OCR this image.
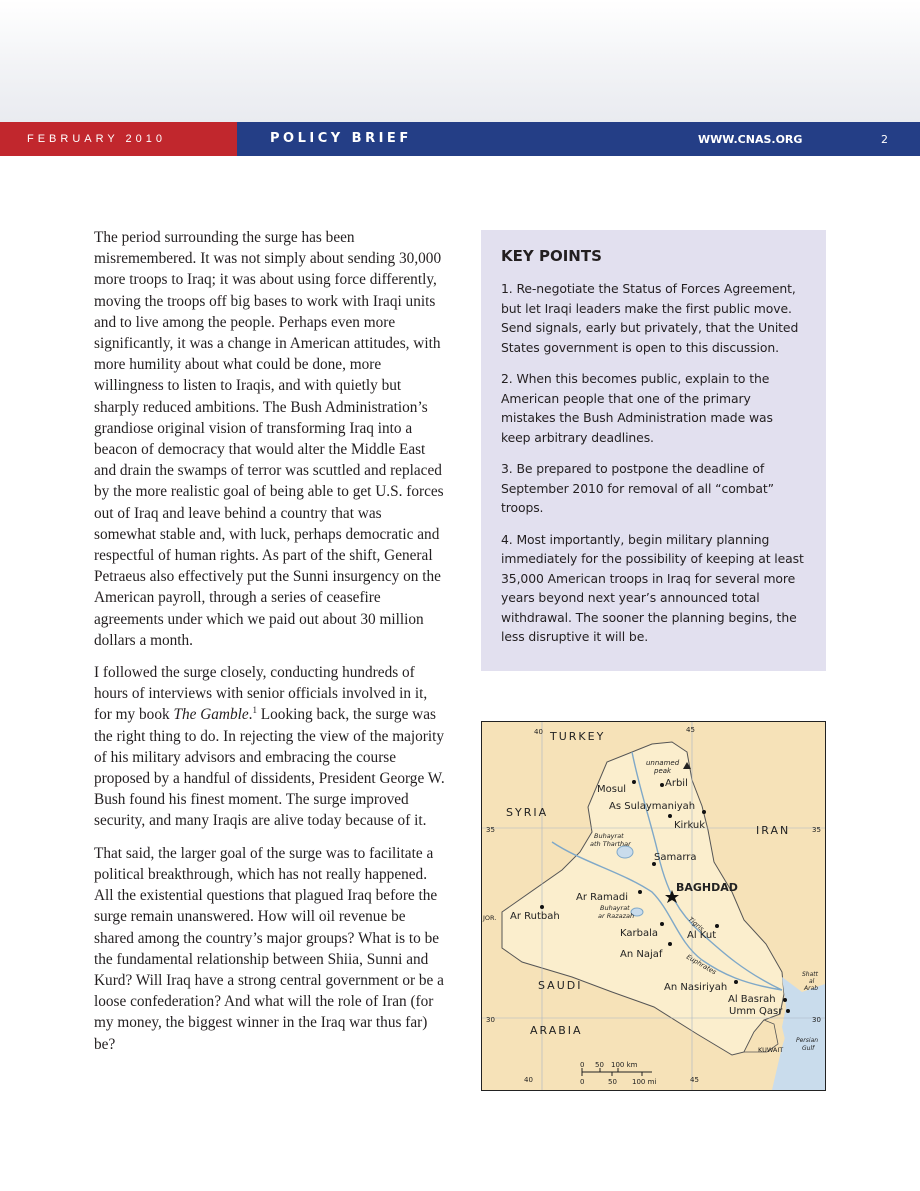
FEBRUARY 2010	POLICY BRIEF	WWW.CNAS.ORG	2

The period surrounding the surge has been misremembered. It was not simply about sending 30,000 more troops to Iraq; it was about using force differently, moving the troops off big bases to work with Iraqi units and to live among the people. Perhaps even more significantly, it was a change in American attitudes, with more humility about what could be done, more willingness to listen to Iraqis, and with quietly but sharply reduced ambitions. The Bush Administration’s grandiose original vision of transforming Iraq into a beacon of democracy that would alter the Middle East and drain the swamps of terror was scuttled and replaced by the more realistic goal of being able to get U.S. forces out of Iraq and leave behind a country that was somewhat stable and, with luck, perhaps democratic and respectful of human rights. As part of the shift, General Petraeus also effectively put the Sunni insurgency on the American payroll, through a series of ceasefire agreements under which we paid out about 30 million dollars a month.

I followed the surge closely, conducting hundreds of hours of interviews with senior officials involved in it, for my book The Gamble.$^1$ Looking back, the surge was the right thing to do. In rejecting the view of the majority of his military advisors and embracing the course proposed by a handful of dissidents, President George W. Bush found his finest moment. The surge improved security, and many Iraqis are alive today because of it.

That said, the larger goal of the surge was to facilitate a political breakthrough, which has not really happened. All the existential questions that plagued Iraq before the surge remain unanswered. How will oil revenue be shared among the country’s major groups? What is to be the fundamental relationship between Shiia, Sunni and Kurd? Will Iraq have a strong central government or be a loose confederation? And what will the role of Iran (for my money, the biggest winner in the Iraq war thus far) be?

KEY POINTS
1. Re-negotiate the Status of Forces Agreement, but let Iraqi leaders make the first public move. Send signals, early but privately, that the United States government is open to this discussion.
2. When this becomes public, explain to the American people that one of the primary mistakes the Bush Administration made was keep arbitrary deadlines.
3. Be prepared to postpone the deadline of September 2010 for removal of all “combat” troops.
4. Most importantly, begin military planning immediately for the possibility of keeping at least 35,000 American troops in Iraq for several more years beyond next year’s announced total withdrawal. The sooner the planning begins, the less disruptive it will be.
40	45
35	35
30	30
40	45
TURKEY
SYRIA
IRAN
SAUDI
ARABIA
KUWAIT
JOR.
unnamed
peak
Buhayrat
ath Tharthar
Buhayrat
ar Razazah	Tigris
Euphrates	Shatt
al
Arab
Persian
Gulf
Mosul
Arbil
As Sulaymaniyah
Kirkuk
Samarra
BAGHDAD
Ar Ramadi
Ar Rutbah
Karbala	Al Kut
An Najaf
An Nasiriyah
Al Basrah
Umm Qasr
0 50 100 km
0	50 100 mi
